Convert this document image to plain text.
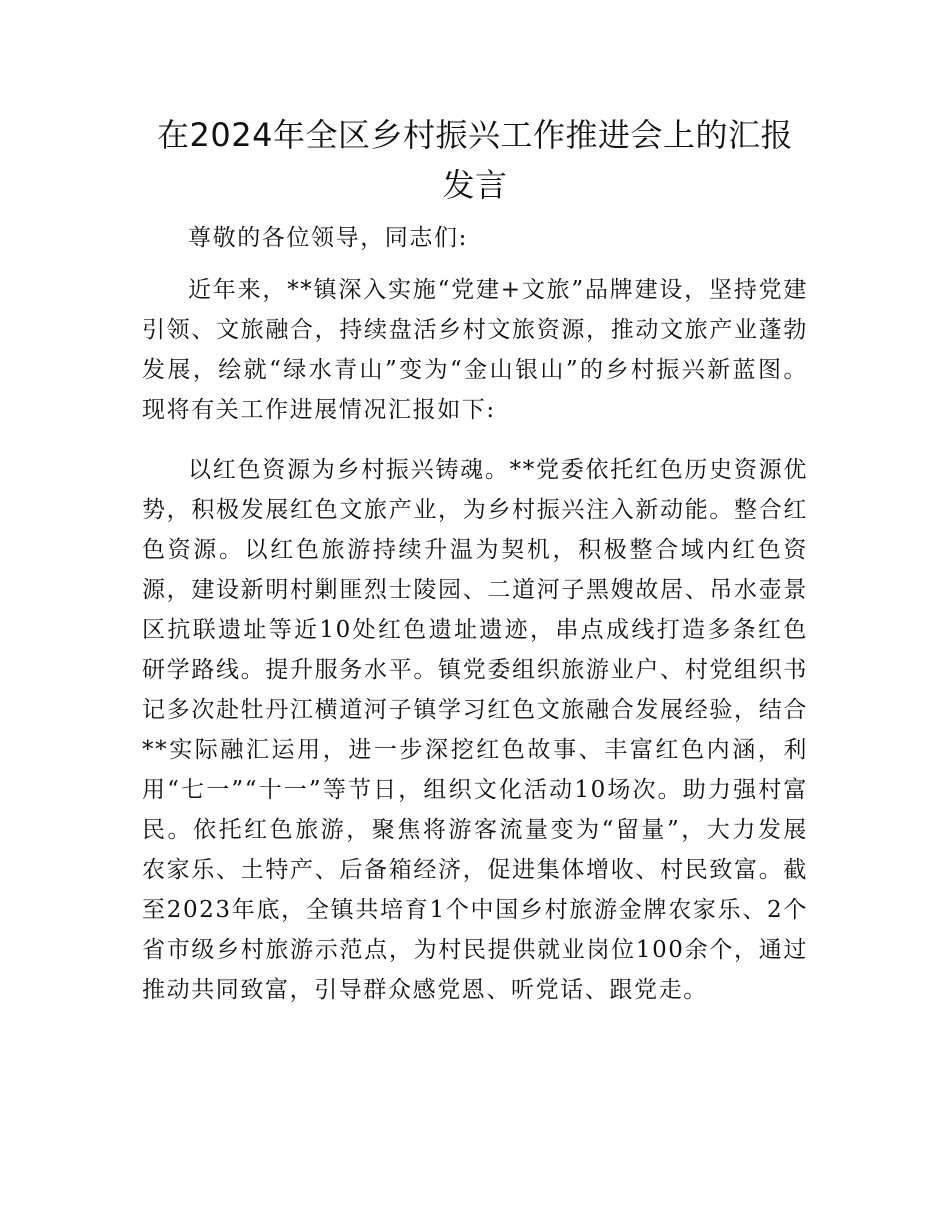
在2024年全区乡村振兴工作推进会上的汇报发言

尊敬的各位领导，同志们:

近年来，**镇深入实施“党建+文旅”品牌建设，坚持党建引领、文旅融合，持续盘活乡村文旅资源，推动文旅产业蓬勃发展，绘就“绿水青山”变为“金山银山”的乡村振兴新蓝图。现将有关工作进展情况汇报如下:

以红色资源为乡村振兴铸魂。**党委依托红色历史资源优势，积极发展红色文旅产业，为乡村振兴注入新动能。整合红色资源。以红色旅游持续升温为契机，积极整合域内红色资源，建设新明村剿匪烈士陵园、二道河子黑嫂故居、吊水壶景区抗联遗址等近10处红色遗址遗迹，串点成线打造多条红色研学路线。提升服务水平。镇党委组织旅游业户、村党组织书记多次赴牡丹江横道河子镇学习红色文旅融合发展经验，结合**实际融汇运用，进一步深挖红色故事、丰富红色内涵，利用“七一”“十一”等节日，组织文化活动10场次。助力强村富民。依托红色旅游，聚焦将游客流量变为“留量”，大力发展农家乐、土特产、后备箱经济，促进集体增收、村民致富。截至2023年底，全镇共培育1个中国乡村旅游金牌农家乐、2个省市级乡村旅游示范点，为村民提供就业岗位100余个，通过推动共同致富，引导群众感党恩、听党话、跟党走。
